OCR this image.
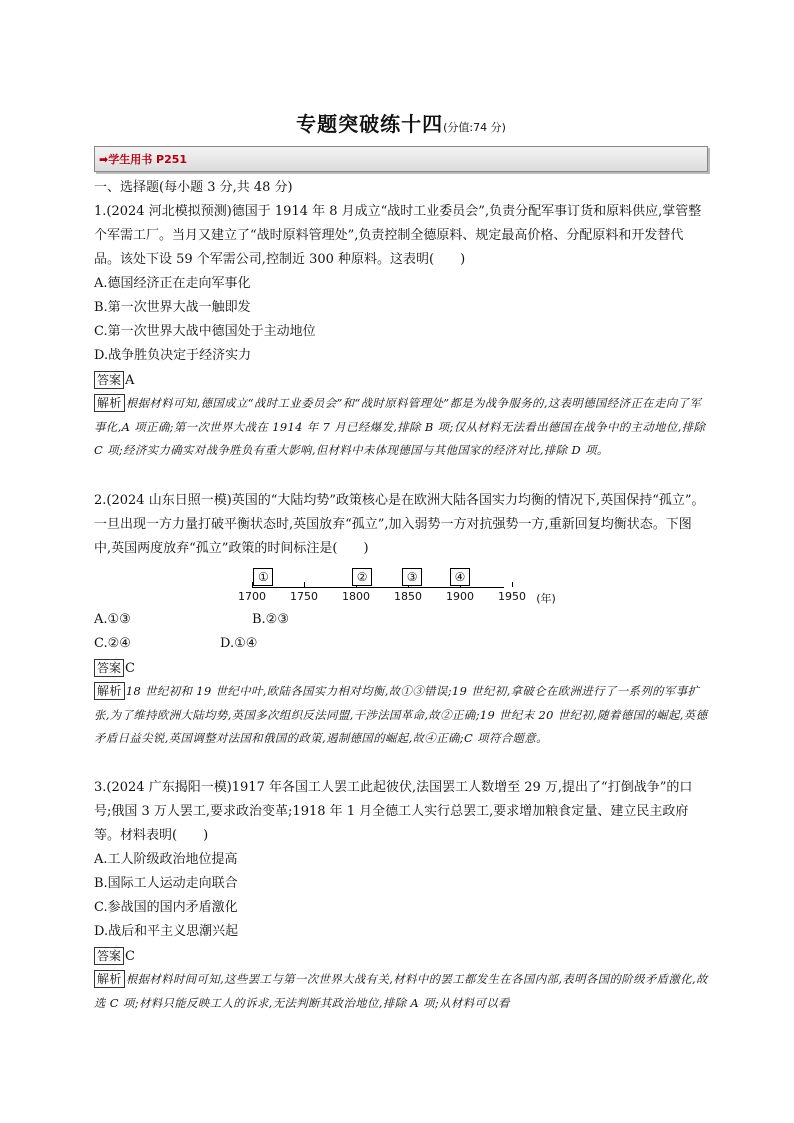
专题突破练十四(分值:74 分)
➡学生用书 P251
一、选择题(每小题 3 分,共 48 分)
1.(2024 河北模拟预测)德国于 1914 年 8 月成立“战时工业委员会”,负责分配军事订货和原料供应,掌管整个军需工厂。当月又建立了“战时原料管理处”,负责控制全德原料、规定最高价格、分配原料和开发替代品。该处下设 59 个军需公司,控制近 300 种原料。这表明(　　)
A.德国经济正在走向军事化
B.第一次世界大战一触即发
C.第一次世界大战中德国处于主动地位
D.战争胜负决定于经济实力
答案 A
解析 根据材料可知,德国成立“战时工业委员会”和“战时原料管理处”都是为战争服务的,这表明德国经济正在走向了军事化,A 项正确;第一次世界大战在 1914 年 7 月已经爆发,排除 B 项;仅从材料无法看出德国在战争中的主动地位,排除 C 项;经济实力确实对战争胜负有重大影响,但材料中未体现德国与其他国家的经济对比,排除 D 项。
2.(2024 山东日照一模)英国的“大陆均势”政策核心是在欧洲大陆各国实力均衡的情况下,英国保持“孤立”。一旦出现一方力量打破平衡状态时,英国放弃“孤立”,加入弱势一方对抗强势一方,重新回复均衡状态。下图中,英国两度放弃“孤立”政策的时间标注是(　　)
(年)
1700	1750	1800	1850	1900	1950
①	②	③	④
A.①③	B.②③
C.②④	D.①④
答案 C
解析 18 世纪初和 19 世纪中叶,欧陆各国实力相对均衡,故①③错误;19 世纪初,拿破仑在欧洲进行了一系列的军事扩张,为了维持欧洲大陆均势,英国多次组织反法同盟,干涉法国革命,故②正确;19 世纪末 20 世纪初,随着德国的崛起,英德矛盾日益尖锐,英国调整对法国和俄国的政策,遏制德国的崛起,故④正确;C 项符合题意。
3.(2024 广东揭阳一模)1917 年各国工人罢工此起彼伏,法国罢工人数增至 29 万,提出了“打倒战争”的口号;俄国 3 万人罢工,要求政治变革;1918 年 1 月全德工人实行总罢工,要求增加粮食定量、建立民主政府等。材料表明(　　)
A.工人阶级政治地位提高
B.国际工人运动走向联合
C.参战国的国内矛盾激化
D.战后和平主义思潮兴起
答案 C
解析 根据材料时间可知,这些罢工与第一次世界大战有关,材料中的罢工都发生在各国内部,表明各国的阶级矛盾激化,故选 C 项;材料只能反映工人的诉求,无法判断其政治地位,排除 A 项;从材料可以看
